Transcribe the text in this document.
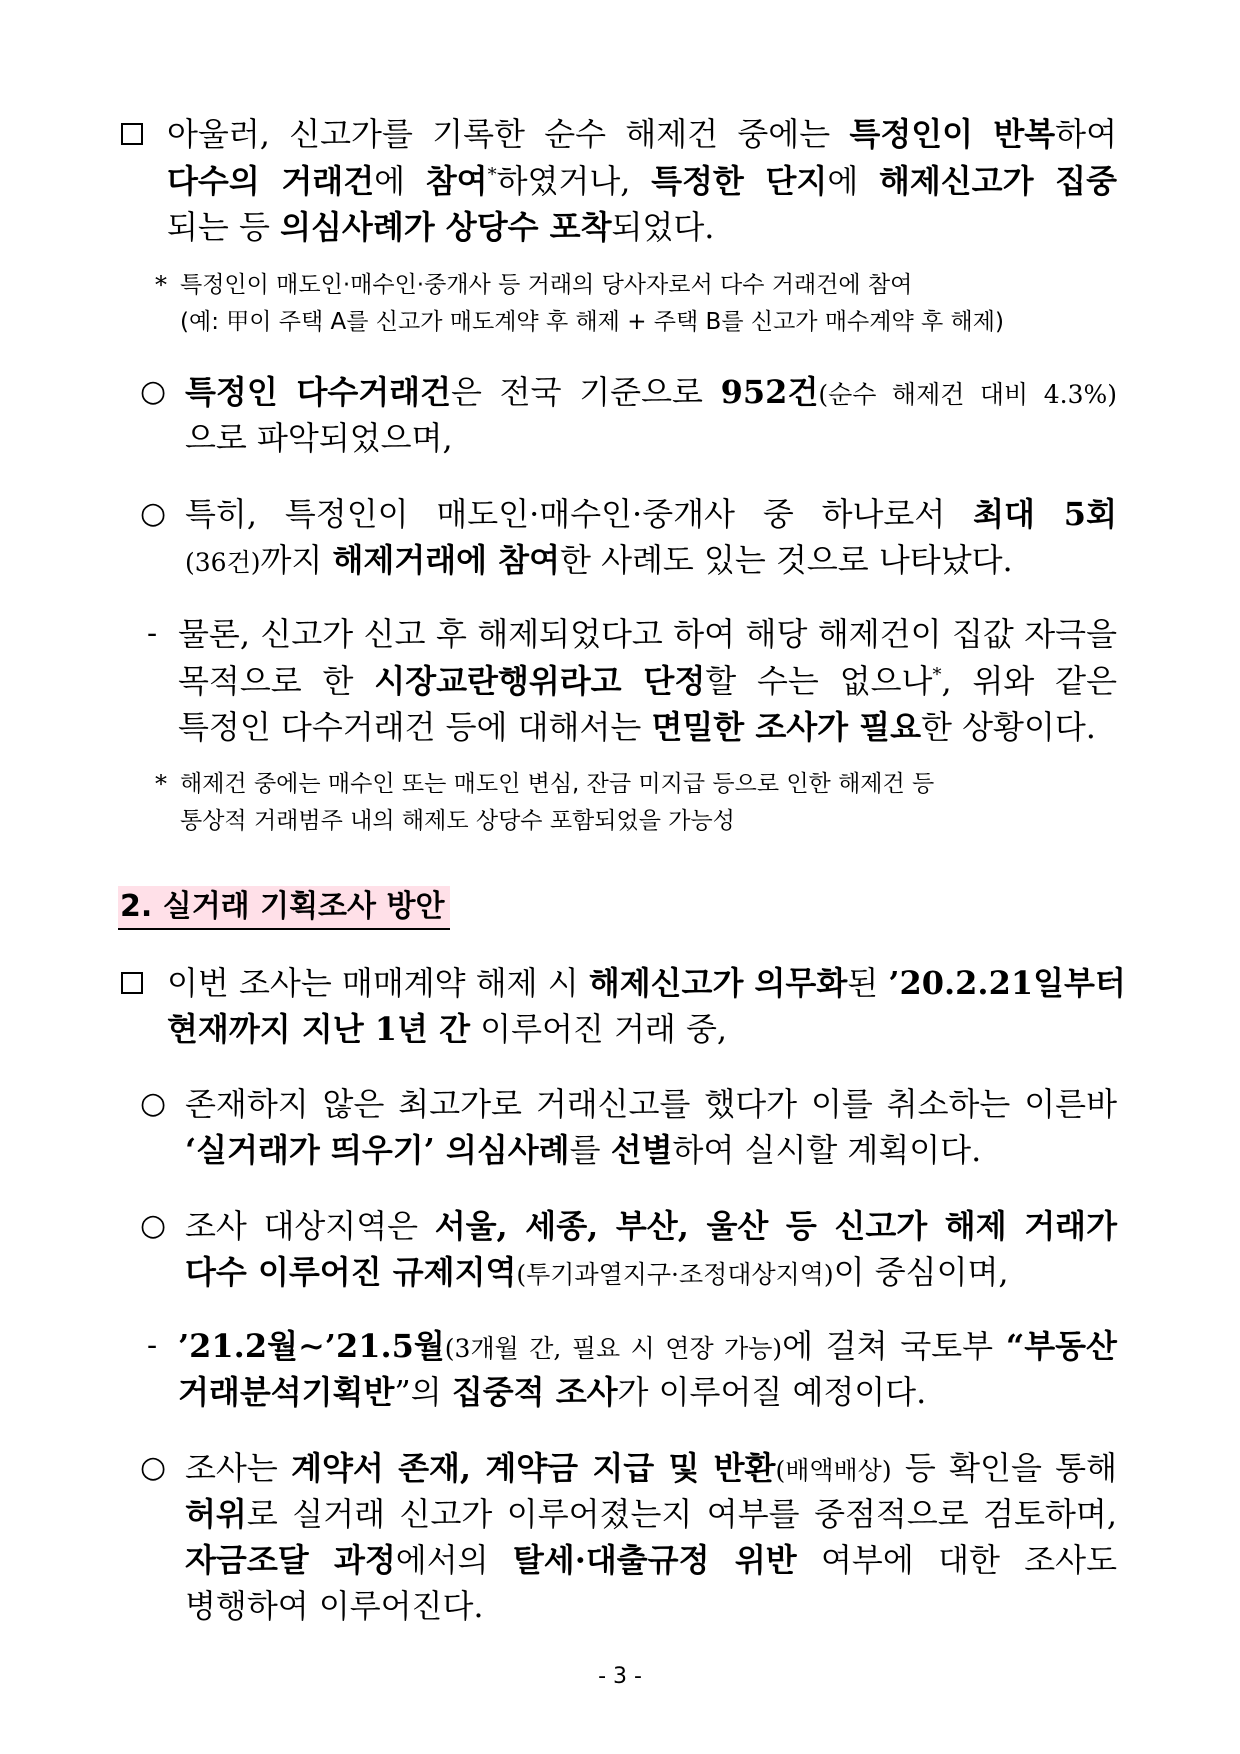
아울러, 신고가를 기록한 순수 해제건 중에는 특정인이 반복하여
다수의 거래건에 참여*하였거나, 특정한 단지에 해제신고가 집중
되는 등 의심사례가 상당수 포착되었다.
* 특정인이 매도인·매수인·중개사 등 거래의 당사자로서 다수 거래건에 참여
(예: 甲이 주택 A를 신고가 매도계약 후 해제 + 주택 B를 신고가 매수계약 후 해제)
○ 특정인 다수거래건은 전국 기준으로 952건(순수 해제건 대비 4.3%)
으로 파악되었으며,
○ 특히, 특정인이 매도인·매수인·중개사 중 하나로서 최대 5회
(36건)까지 해제거래에 참여한 사례도 있는 것으로 나타났다.
- 물론, 신고가 신고 후 해제되었다고 하여 해당 해제건이 집값 자극을
목적으로 한 시장교란행위라고 단정할 수는 없으나*, 위와 같은
특정인 다수거래건 등에 대해서는 면밀한 조사가 필요한 상황이다.
* 해제건 중에는 매수인 또는 매도인 변심, 잔금 미지급 등으로 인한 해제건 등
통상적 거래범주 내의 해제도 상당수 포함되었을 가능성
2. 실거래 기획조사 방안
이번 조사는 매매계약 해제 시 해제신고가 의무화된 ’20.2.21일부터
현재까지 지난 1년 간 이루어진 거래 중,
○ 존재하지 않은 최고가로 거래신고를 했다가 이를 취소하는 이른바
‘실거래가 띄우기’ 의심사례를 선별하여 실시할 계획이다.
○ 조사 대상지역은 서울, 세종, 부산, 울산 등 신고가 해제 거래가
다수 이루어진 규제지역(투기과열지구·조정대상지역)이 중심이며,
- ’21.2월∼’21.5월(3개월 간, 필요 시 연장 가능)에 걸쳐 국토부 “부동산
거래분석기획반”의 집중적 조사가 이루어질 예정이다.
○ 조사는 계약서 존재, 계약금 지급 및 반환(배액배상) 등 확인을 통해
허위로 실거래 신고가 이루어졌는지 여부를 중점적으로 검토하며,
자금조달 과정에서의 탈세·대출규정 위반 여부에 대한 조사도
병행하여 이루어진다.
- 3 -
